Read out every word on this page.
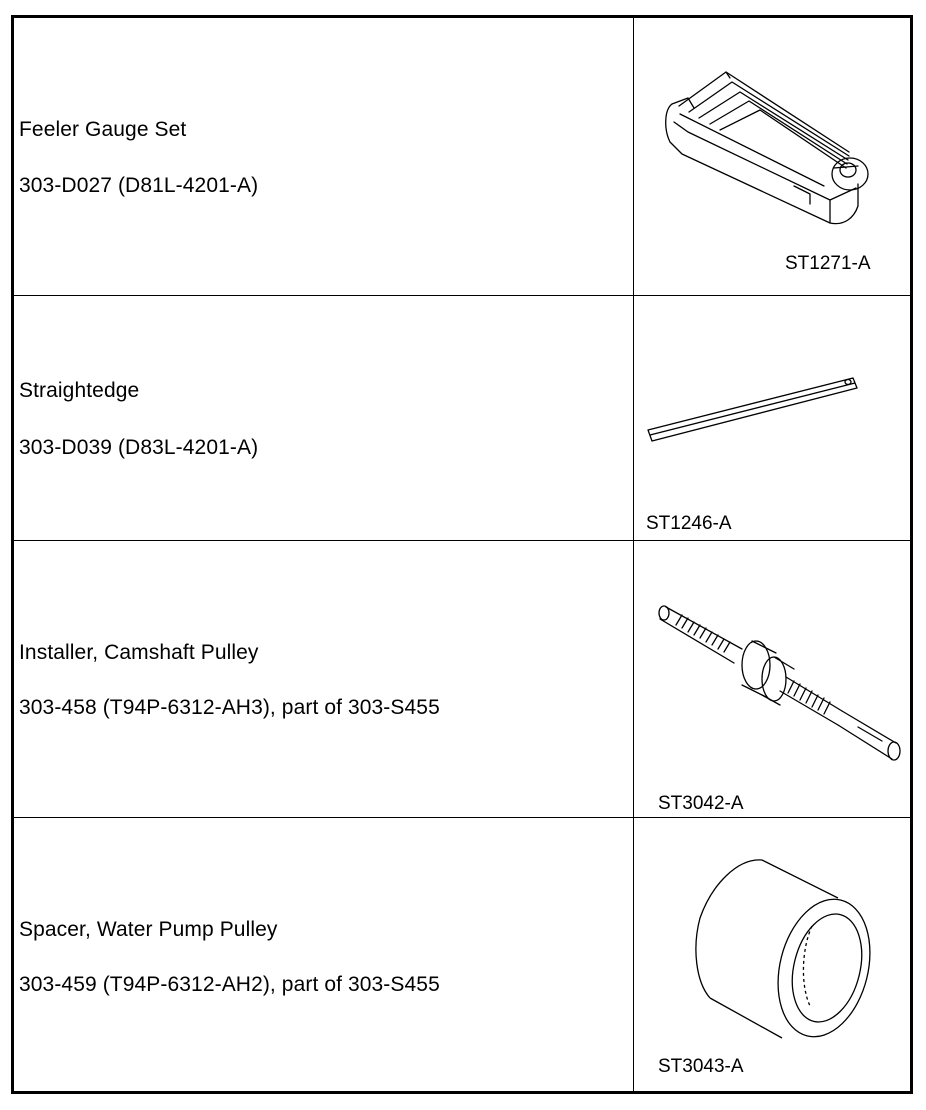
Feeler Gauge Set
303-D027 (D81L-4201-A)
ST1271-A
Straightedge
303-D039 (D83L-4201-A)
ST1246-A
Installer, Camshaft Pulley
303-458 (T94P-6312-AH3), part of 303-S455
ST3042-A
Spacer, Water Pump Pulley
303-459 (T94P-6312-AH2), part of 303-S455
ST3043-A
